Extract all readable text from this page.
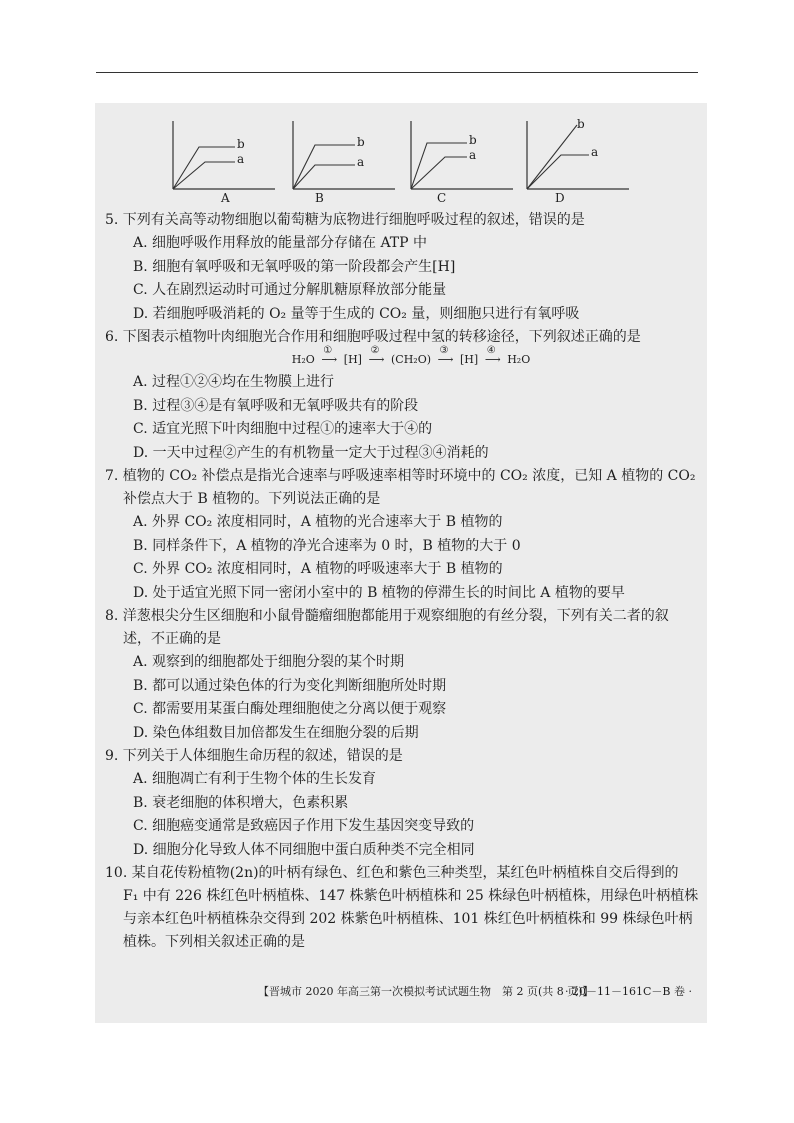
b
a
A
b
a
B
b
a
C
b
a
D
5. 下列有关高等动物细胞以葡萄糖为底物进行细胞呼吸过程的叙述，错误的是
A. 细胞呼吸作用释放的能量部分存储在 ATP 中
B. 细胞有氧呼吸和无氧呼吸的第一阶段都会产生[H]
C. 人在剧烈运动时可通过分解肌糖原释放部分能量
D. 若细胞呼吸消耗的 O₂ 量等于生成的 CO₂ 量，则细胞只进行有氧呼吸
6. 下图表示植物叶肉细胞光合作用和细胞呼吸过程中氢的转移途径，下列叙述正确的是
H₂O
①
⟶ [H]
②
⟶ (CH₂O)
③
⟶ [H]
④
⟶ H₂O
A. 过程①②④均在生物膜上进行
B. 过程③④是有氧呼吸和无氧呼吸共有的阶段
C. 适宜光照下叶肉细胞中过程①的速率大于④的
D. 一天中过程②产生的有机物量一定大于过程③④消耗的
7. 植物的 CO₂ 补偿点是指光合速率与呼吸速率相等时环境中的 CO₂ 浓度，已知 A 植物的 CO₂
补偿点大于 B 植物的。下列说法正确的是
A. 外界 CO₂ 浓度相同时，A 植物的光合速率大于 B 植物的
B. 同样条件下，A 植物的净光合速率为 0 时，B 植物的大于 0
C. 外界 CO₂ 浓度相同时，A 植物的呼吸速率大于 B 植物的
D. 处于适宜光照下同一密闭小室中的 B 植物的停滞生长的时间比 A 植物的要早
8. 洋葱根尖分生区细胞和小鼠骨髓瘤细胞都能用于观察细胞的有丝分裂，下列有关二者的叙
述，不正确的是
A. 观察到的细胞都处于细胞分裂的某个时期
B. 都可以通过染色体的行为变化判断细胞所处时期
C. 都需要用某蛋白酶处理细胞使之分离以便于观察
D. 染色体组数目加倍都发生在细胞分裂的后期
9. 下列关于人体细胞生命历程的叙述，错误的是
A. 细胞凋亡有利于生物个体的生长发育
B. 衰老细胞的体积增大，色素积累
C. 细胞癌变通常是致癌因子作用下发生基因突变导致的
D. 细胞分化导致人体不同细胞中蛋白质种类不完全相同
10. 某自花传粉植物(2n)的叶柄有绿色、红色和紫色三种类型，某红色叶柄植株自交后得到的
F₁ 中有 226 株红色叶柄植株、147 株紫色叶柄植株和 25 株绿色叶柄植株，用绿色叶柄植株
与亲本红色叶柄植株杂交得到 202 株紫色叶柄植株、101 株红色叶柄植株和 99 株绿色叶柄
植株。下列相关叙述正确的是
【晋城市 2020 年高三第一次模拟考试试题生物　第 2 页(共 8 页)】
· 20－11－161C－B 卷 ·
